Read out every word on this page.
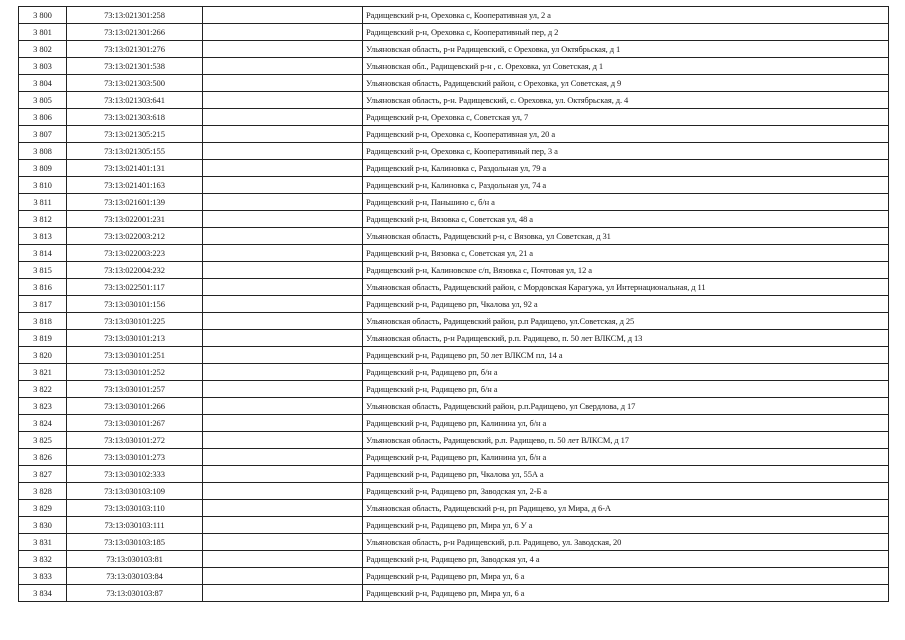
3 800	73:13:021301:258		Радищевский р-н, Ореховка с, Кооперативная ул, 2 а
3 801	73:13:021301:266		Радищевский р-н, Ореховка с, Кооперативный пер, д 2
3 802	73:13:021301:276		Ульяновская область, р-н Радищевский, с Ореховка, ул Октябрьская, д 1
3 803	73:13:021301:538		Ульяновская обл., Радищевский р-н , с. Ореховка, ул Советская, д 1
3 804	73:13:021303:500		Ульяновская область, Радищевский район, с Ореховка, ул Советская, д 9
3 805	73:13:021303:641		Ульяновская область, р-н. Радищевский, с. Ореховка, ул. Октябрьская, д. 4
3 806	73:13:021303:618		Радищевский р-н, Ореховка с, Советская ул, 7
3 807	73:13:021305:215		Радищевский р-н, Ореховка с, Кооперативная ул, 20 а
3 808	73:13:021305:155		Радищевский р-н, Ореховка с, Кооперативный пер, 3 а
3 809	73:13:021401:131		Радищевский р-н, Калиновка с, Раздольная ул, 79 а
3 810	73:13:021401:163		Радищевский р-н, Калиновка с, Раздольная ул, 74 а
3 811	73:13:021601:139		Радищевский р-н, Паньшино с, б/н а
3 812	73:13:022001:231		Радищевский р-н, Вязовка с, Советская ул, 48 а
3 813	73:13:022003:212		Ульяновская область, Радищевский р-н, с Вязовка, ул Советская, д 31
3 814	73:13:022003:223		Радищевский р-н, Вязовка с, Советская ул, 21 а
3 815	73:13:022004:232		Радищевский р-н, Калиновское с/п, Вязовка с, Почтовая ул, 12 а
3 816	73:13:022501:117		Ульяновская область, Радищевский район, с Мордовская Карагужа, ул Интернациональная, д 11
3 817	73:13:030101:156		Радищевский р-н, Радищево рп, Чкалова ул, 92 а
3 818	73:13:030101:225		Ульяновская область, Радищевский район, р.п Радищево, ул.Советская, д 25
3 819	73:13:030101:213		Ульяновская область, р-н Радищевский, р.п. Радищево, п. 50 лет ВЛКСМ, д 13
3 820	73:13:030101:251		Радищевский р-н, Радищево рп, 50 лет ВЛКСМ пл, 14 а
3 821	73:13:030101:252		Радищевский р-н, Радищево рп, б/н а
3 822	73:13:030101:257		Радищевский р-н, Радищево рп, б/н а
3 823	73:13:030101:266		Ульяновская область, Радищевский район, р.п.Радищево, ул Свердлова, д 17
3 824	73:13:030101:267		Радищевский р-н, Радищево рп, Калинина ул, б/н а
3 825	73:13:030101:272		Ульяновская область, Радищевский, р.п. Радищево, п. 50 лет ВЛКСМ, д 17
3 826	73:13:030101:273		Радищевский р-н, Радищево рп, Калинина ул, б/н а
3 827	73:13:030102:333		Радищевский р-н, Радищево рп, Чкалова ул, 55А а
3 828	73:13:030103:109		Радищевский р-н, Радищево рп, Заводская ул, 2-Б а
3 829	73:13:030103:110		Ульяновская область, Радищевский р-н, рп Радищево, ул Мира, д 6-А
3 830	73:13:030103:111		Радищевский р-н, Радищево рп, Мира ул, 6 У а
3 831	73:13:030103:185		Ульяновская область, р-н Радищевский, р.п. Радищево, ул. Заводская, 20
3 832	73:13:030103:81		Радищевский р-н, Радищево рп, Заводская ул, 4 а
3 833	73:13:030103:84		Радищевский р-н, Радищево рп, Мира ул, 6 а
3 834	73:13:030103:87		Радищевский р-н, Радищево рп, Мира ул, 6 а
